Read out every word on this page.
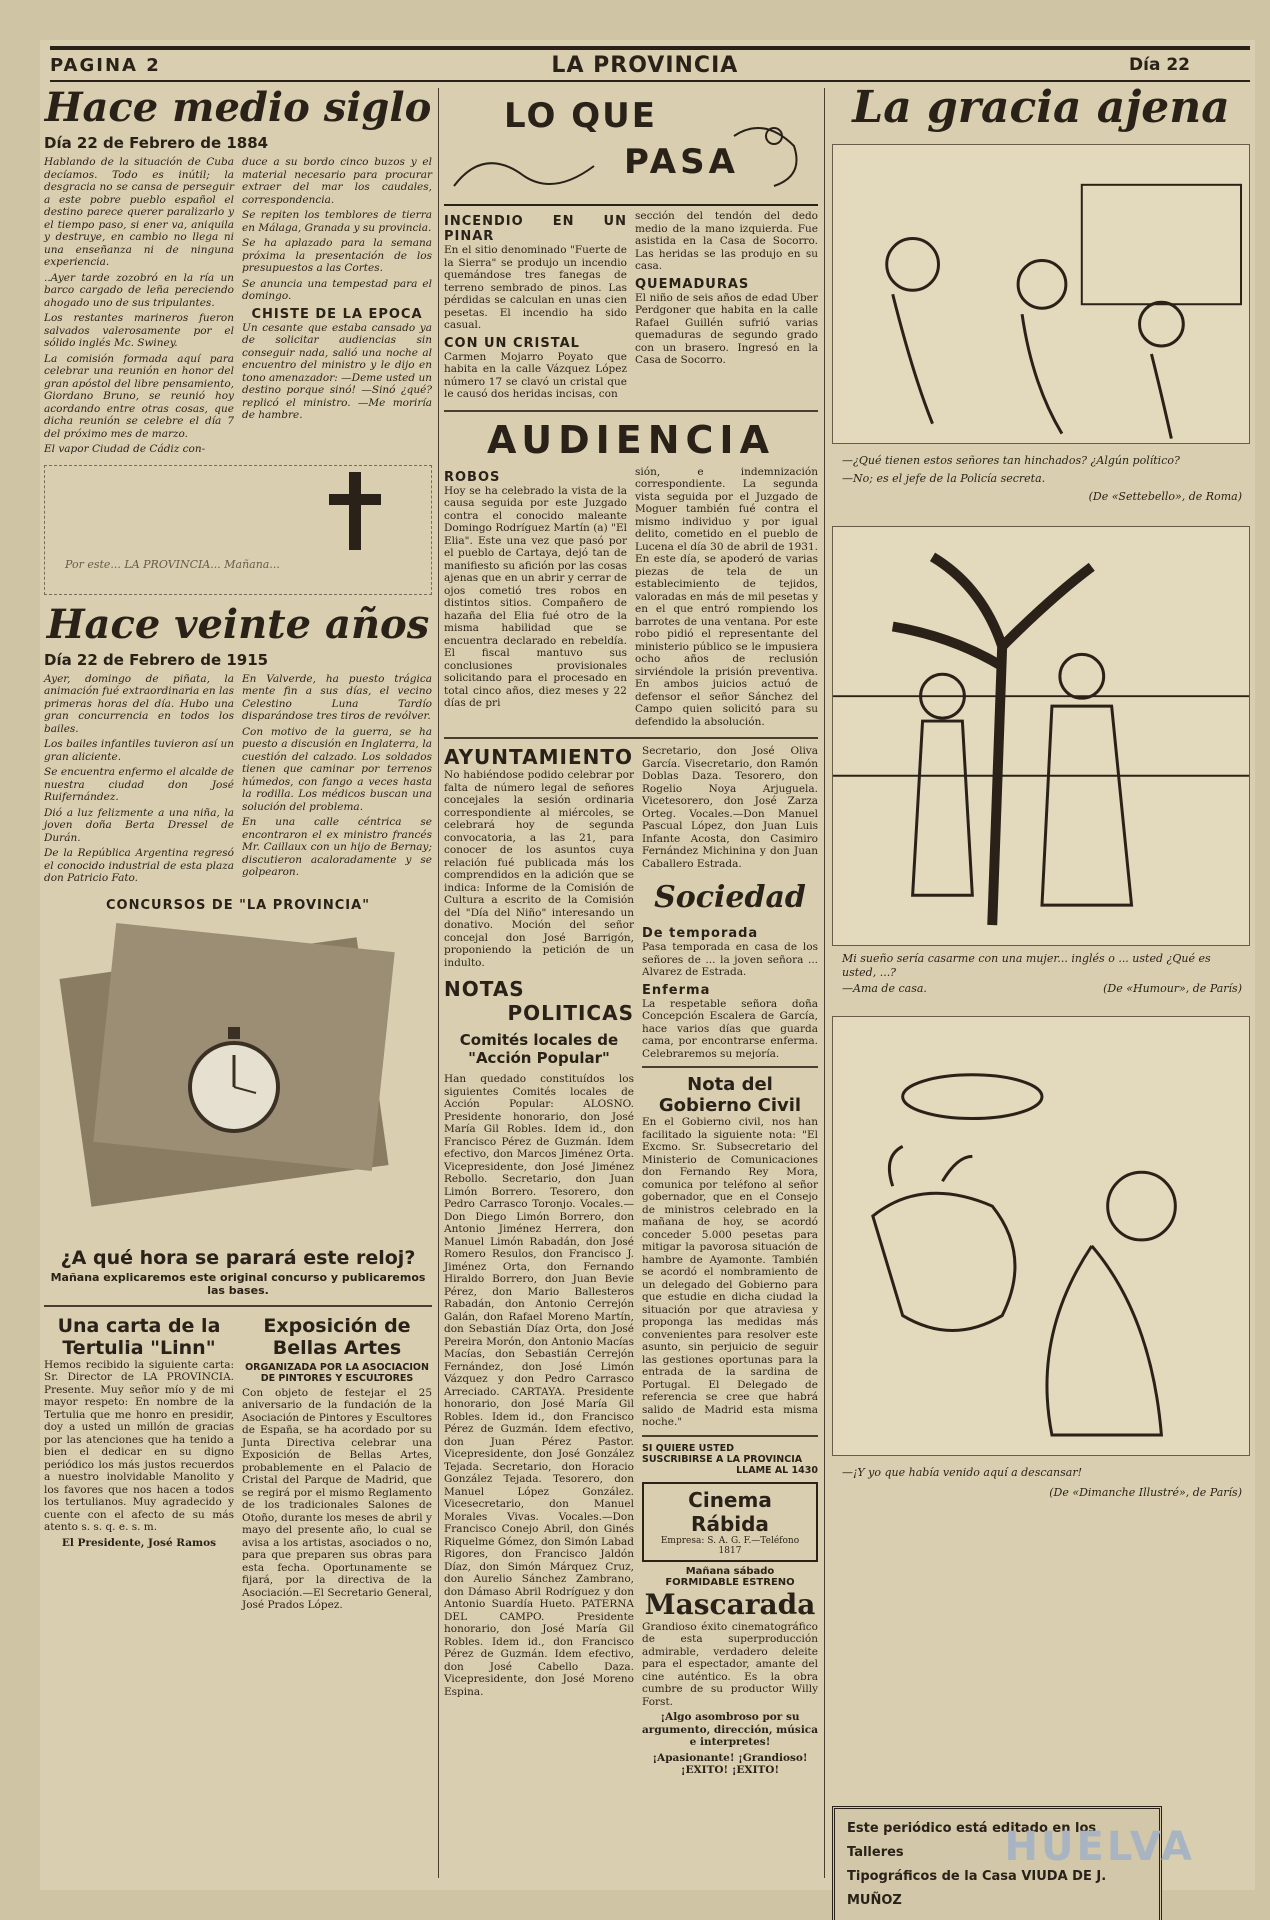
PAGINA 2	LA PROVINCIA	Día 22
Hace medio siglo
Día 22 de Febrero de 1884

Hablando de la situación de Cuba decíamos. Todo es inútil; la desgracia no se cansa de perseguir a este pobre pueblo español el destino parece querer paralizarlo y el tiempo paso, si ener va, aniquila y destruye, en cambio no llega ni una enseñanza ni de ninguna experiencia.

..Ayer tarde zozobró en la ría un barco cargado de leña pereciendo ahogado uno de sus tripulantes.

Los restantes marineros fueron salvados valerosamente por el sólido inglés Mc. Swiney.

La comisión formada aquí para celebrar una reunión en honor del gran apóstol del libre pensamiento, Giordano Bruno, se reunió hoy acordando entre otras cosas, que dicha reunión se celebre el día 7 del próximo mes de marzo.

El vapor Ciudad de Cádiz con-

duce a su bordo cinco buzos y el material necesario para procurar extraer del mar los caudales, correspondencia.

Se repiten los temblores de tierra en Málaga, Granada y su provincia.

Se ha aplazado para la semana próxima la presentación de los presupuestos a las Cortes.

Se anuncia una tempestad para el domingo.

CHISTE DE LA EPOCA

Un cesante que estaba cansado ya de solicitar audiencias sin conseguir nada, salió una noche al encuentro del ministro y le dijo en tono amenazador: —Deme usted un destino porque sinó! —Sinó ¿qué? replicó el ministro. —Me moriría de hambre.

Por este... LA PROVINCIA... Mañana...
Hace veinte años
Día 22 de Febrero de 1915

Ayer, domingo de piñata, la animación fué extraordinaria en las primeras horas del día. Hubo una gran concurrencia en todos los bailes.

Los bailes infantiles tuvieron así un gran aliciente.

Se encuentra enfermo el alcalde de nuestra ciudad don José Ruifernández.

Dió a luz felizmente a una niña, la joven doña Berta Dressel de Durán.

De la República Argentina regresó el conocido industrial de esta plaza don Patricio Fato.

En Valverde, ha puesto trágica mente fin a sus días, el vecino Celestino Luna Tardío disparándose tres tiros de revólver.

Con motivo de la guerra, se ha puesto a discusión en Inglaterra, la cuestión del calzado. Los soldados tienen que caminar por terrenos húmedos, con fango a veces hasta la rodilla. Los médicos buscan una solución del problema.

En una calle céntrica se encontraron el ex ministro francés Mr. Caillaux con un hijo de Bernay; discutieron acaloradamente y se golpearon.

CONCURSOS DE "LA PROVINCIA"
¿A qué hora se parará este reloj?
Mañana explicaremos este original concurso y publicaremos las bases.
Una carta de la Tertulia "Linn"

Hemos recibido la siguiente carta: Sr. Director de LA PROVINCIA. Presente. Muy señor mío y de mi mayor respeto: En nombre de la Tertulia que me honro en presidir, doy a usted un millón de gracias por las atenciones que ha tenido a bien el dedicar en su digno periódico los más justos recuerdos a nuestro inolvidable Manolito y los favores que nos hacen a todos los tertulianos. Muy agradecido y cuente con el afecto de su más atento s. s. q. e. s. m.

El Presidente, José Ramos

Exposición de Bellas Artes
ORGANIZADA POR LA ASOCIACION DE PINTORES Y ESCULTORES

Con objeto de festejar el 25 aniversario de la fundación de la Asociación de Pintores y Escultores de España, se ha acordado por su Junta Directiva celebrar una Exposición de Bellas Artes, probablemente en el Palacio de Cristal del Parque de Madrid, que se regirá por el mismo Reglamento de los tradicionales Salones de Otoño, durante los meses de abril y mayo del presente año, lo cual se avisa a los artistas, asociados o no, para que preparen sus obras para esta fecha. Oportunamente se fijará, por la directiva de la Asociación.—El Secretario General, José Prados López.

LO QUE
PASA
INCENDIO EN UN PINAR

En el sitio denominado "Fuerte de la Sierra" se produjo un incendio quemándose tres fanegas de terreno sembrado de pinos. Las pérdidas se calculan en unas cien pesetas. El incendio ha sido casual.

CON UN CRISTAL

Carmen Mojarro Poyato que habita en la calle Vázquez López número 17 se clavó un cristal que le causó dos heridas incisas, con

sección del tendón del dedo medio de la mano izquierda. Fue asistida en la Casa de Socorro. Las heridas se las produjo en su casa.

QUEMADURAS

El niño de seis años de edad Uber Perdgoner que habita en la calle Rafael Guillén sufrió varias quemaduras de segundo grado con un brasero. Ingresó en la Casa de Socorro.

AUDIENCIA
ROBOS

Hoy se ha celebrado la vista de la causa seguida por este Juzgado contra el conocido maleante Domingo Rodríguez Martín (a) "El Elia". Este una vez que pasó por el pueblo de Cartaya, dejó tan de manifiesto su afición por las cosas ajenas que en un abrir y cerrar de ojos cometió tres robos en distintos sitios. Compañero de hazaña del Elia fué otro de la misma habilidad que se encuentra declarado en rebeldía. El fiscal mantuvo sus conclusiones provisionales solicitando para el procesado en total cinco años, diez meses y 22 días de pri

sión, e indemnización correspondiente. La segunda vista seguida por el Juzgado de Moguer también fué contra el mismo individuo y por igual delito, cometido en el pueblo de Lucena el día 30 de abril de 1931. En este día, se apoderó de varias piezas de tela de un establecimiento de tejidos, valoradas en más de mil pesetas y en el que entró rompiendo los barrotes de una ventana. Por este robo pidió el representante del ministerio público se le impusiera ocho años de reclusión sirviéndole la prisión preventiva. En ambos juicios actuó de defensor el señor Sánchez del Campo quien solicitó para su defendido la absolución.

AYUNTAMIENTO

No habiéndose podido celebrar por falta de número legal de señores concejales la sesión ordinaria correspondiente al miércoles, se celebrará hoy de segunda convocatoria, a las 21, para conocer de los asuntos cuya relación fué publicada más los comprendidos en la adición que se indica: Informe de la Comisión de Cultura a escrito de la Comisión del "Día del Niño" interesando un donativo. Moción del señor concejal don José Barrigón, proponiendo la petición de un indulto.

NOTAS
POLITICAS
Comités locales de "Acción Popular"

Han quedado constituídos los siguientes Comités locales de Acción Popular: ALOSNO. Presidente honorario, don José María Gil Robles. Idem id., don Francisco Pérez de Guzmán. Idem efectivo, don Marcos Jiménez Orta. Vicepresidente, don José Jiménez Rebollo. Secretario, don Juan Limón Borrero. Tesorero, don Pedro Carrasco Toronjo. Vocales.—Don Diego Limón Borrero, don Antonio Jiménez Herrera, don Manuel Limón Rabadán, don José Romero Resulos, don Francisco J. Jiménez Orta, don Fernando Hiraldo Borrero, don Juan Bevie Pérez, don Mario Ballesteros Rabadán, don Antonio Cerrejón Galán, don Rafael Moreno Martín, don Sebastián Díaz Orta, don José Pereira Morón, don Antonio Macías Macías, don Sebastián Cerrejón Fernández, don José Limón Vázquez y don Pedro Carrasco Arreciado. CARTAYA. Presidente honorario, don José María Gil Robles. Idem id., don Francisco Pérez de Guzmán. Idem efectivo, don Juan Pérez Pastor. Vicepresidente, don José González Tejada. Secretario, don Horacio González Tejada. Tesorero, don Manuel López González. Vicesecretario, don Manuel Morales Vivas. Vocales.—Don Francisco Conejo Abril, don Ginés Riquelme Gómez, don Simón Labad Rigores, don Francisco Jaldón Díaz, don Simón Márquez Cruz, don Aurelio Sánchez Zambrano, don Dámaso Abril Rodríguez y don Antonio Suardía Hueto. PATERNA DEL CAMPO. Presidente honorario, don José María Gil Robles. Idem id., don Francisco Pérez de Guzmán. Idem efectivo, don José Cabello Daza. Vicepresidente, don José Moreno Espina.

Secretario, don José Oliva García. Visecretario, don Ramón Doblas Daza. Tesorero, don Rogelio Noya Arjuguela. Vicetesorero, don José Zarza Orteg. Vocales.—Don Manuel Pascual López, don Juan Luis Infante Acosta, don Casimiro Fernández Michinina y don Juan Caballero Estrada.

Sociedad
De temporada

Pasa temporada en casa de los señores de ... la joven señora ... Alvarez de Estrada.

Enferma

La respetable señora doña Concepción Escalera de García, hace varios días que guarda cama, por encontrarse enferma. Celebraremos su mejoría.

Nota del Gobierno Civil

En el Gobierno civil, nos han facilitado la siguiente nota: "El Excmo. Sr. Subsecretario del Ministerio de Comunicaciones don Fernando Rey Mora, comunica por teléfono al señor gobernador, que en el Consejo de ministros celebrado en la mañana de hoy, se acordó conceder 5.000 pesetas para mitigar la pavorosa situación de hambre de Ayamonte. También se acordó el nombramiento de un delegado del Gobierno para que estudie en dicha ciudad la situación por que atraviesa y proponga las medidas más convenientes para resolver este asunto, sin perjuicio de seguir las gestiones oportunas para la entrada de la sardina de Portugal. El Delegado de referencia se cree que habrá salido de Madrid esta misma noche."

SI QUIERE USTED
SUSCRIBIRSE A LA PROVINCIA
LLAME AL 1430
Cinema Rábida
Empresa: S. A. G. F.—Teléfono 1817
Mañana sábado
FORMIDABLE ESTRENO
Mascarada

Grandioso éxito cinematográfico de esta superproducción admirable, verdadero deleite para el espectador, amante del cine auténtico. Es la obra cumbre de su productor Willy Forst.

¡Algo asombroso por su argumento, dirección, música e interpretes!

¡Apasionante! ¡Grandioso! ¡EXITO! ¡EXITO!

La gracia ajena
—¿Qué tienen estos señores tan hinchados? ¿Algún político?
—No; es el jefe de la Policía secreta.
(De «Settebello», de Roma)
Mi sueño sería casarme con una mujer... inglés o ... usted ¿Qué es usted, ...?
—Ama de casa.	(De «Humour», de París)
—¡Y yo que había venido aquí a descansar!
(De «Dimanche Illustré», de París)
Este periódico está editado en los Talleres
Tipográficos de la Casa VIUDA DE J. MUÑOZ
HUELVA
